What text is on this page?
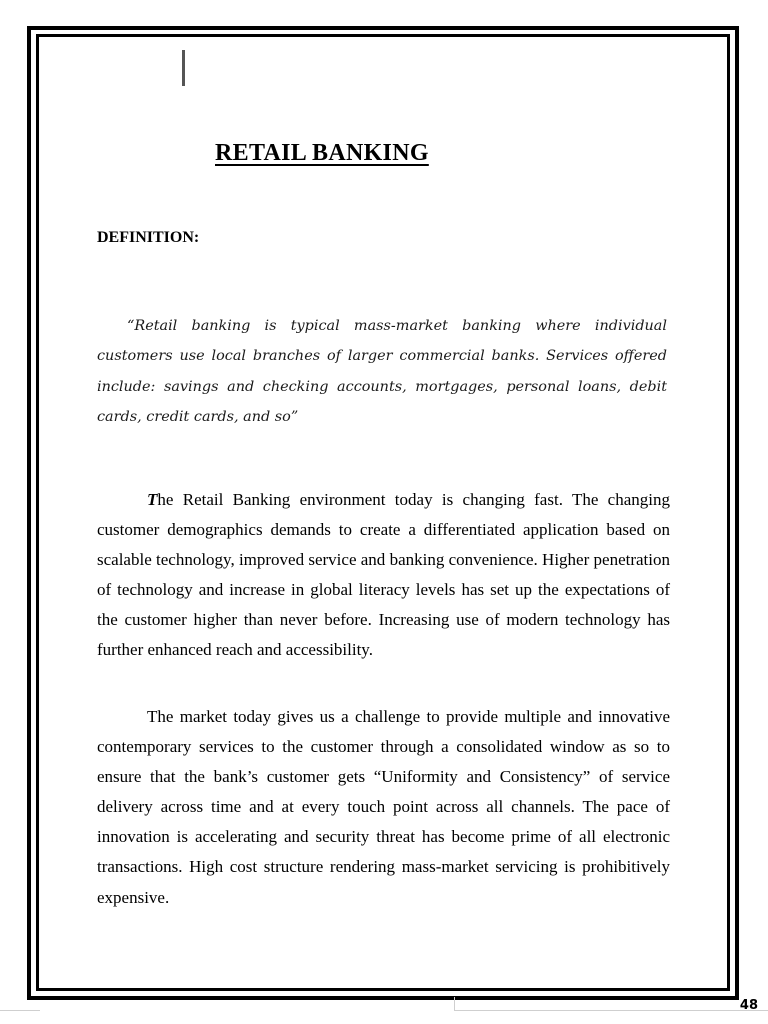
RETAIL BANKING
DEFINITION:
“Retail banking is typical mass-market banking where individual customers use local branches of larger commercial banks. Services offered include: savings and checking accounts, mortgages, personal loans, debit cards, credit cards, and so”

The Retail Banking environment today is changing fast. The changing customer demographics demands to create a differentiated application based on scalable technology, improved service and banking convenience. Higher penetration of technology and increase in global literacy levels has set up the expectations of the customer higher than never before. Increasing use of modern technology has further enhanced reach and accessibility.

The market today gives us a challenge to provide multiple and innovative contemporary services to the customer through a consolidated window as so to ensure that the bank’s customer gets “Uniformity and Consistency” of service delivery across time and at every touch point across all channels. The pace of innovation is accelerating and security threat has become prime of all electronic transactions. High cost structure rendering mass-market servicing is prohibitively expensive.

48
